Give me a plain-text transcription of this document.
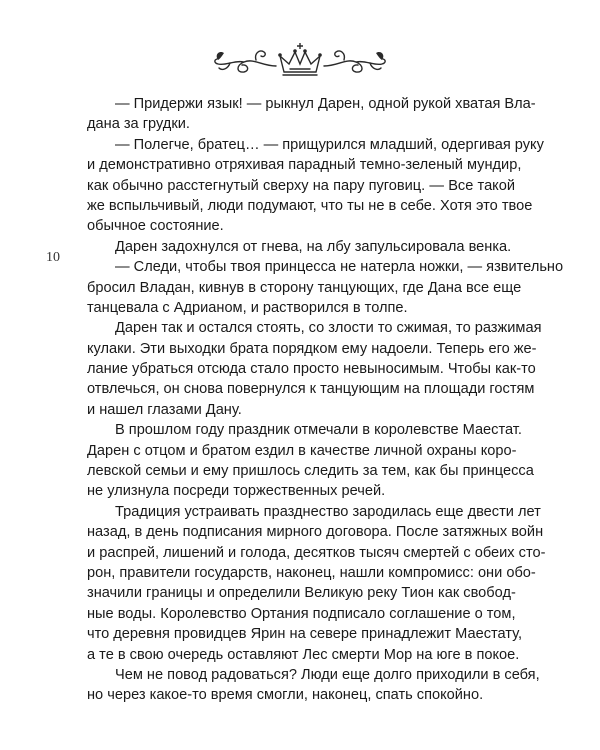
10
— Придержи язык! — рыкнул Дарен, одной рукой хватая Вла-
дана за грудки.
— Полегче, братец… — прищурился младший, одергивая руку
и демонстративно отряхивая парадный темно-зеленый мундир,
как обычно расстегнутый сверху на пару пуговиц. — Все такой
же вспыльчивый, люди подумают, что ты не в себе. Хотя это твое
обычное состояние.
Дарен задохнулся от гнева, на лбу запульсировала венка.
— Следи, чтобы твоя принцесса не натерла ножки, — язвительно
бросил Владан, кивнув в сторону танцующих, где Дана все еще
танцевала с Адрианом, и растворился в толпе.
Дарен так и остался стоять, со злости то сжимая, то разжимая
кулаки. Эти выходки брата порядком ему надоели. Теперь его же-
лание убраться отсюда стало просто невыносимым. Чтобы как-то
отвлечься, он снова повернулся к танцующим на площади гостям
и нашел глазами Дану.
В прошлом году праздник отмечали в королевстве Маестат.
Дарен с отцом и братом ездил в качестве личной охраны коро-
левской семьи и ему пришлось следить за тем, как бы принцесса
не улизнула посреди торжественных речей.
Традиция устраивать празднество зародилась еще двести лет
назад, в день подписания мирного договора. После затяжных войн
и распрей, лишений и голода, десятков тысяч смертей с обеих сто-
рон, правители государств, наконец, нашли компромисс: они обо-
значили границы и определили Великую реку Тион как свобод-
ные воды. Королевство Ортания подписало соглашение о том,
что деревня провидцев Ярин на севере принадлежит Маестату,
а те в свою очередь оставляют Лес смерти Мор на юге в покое.
Чем не повод радоваться? Люди еще долго приходили в себя,
но через какое-то время смогли, наконец, спать спокойно.
